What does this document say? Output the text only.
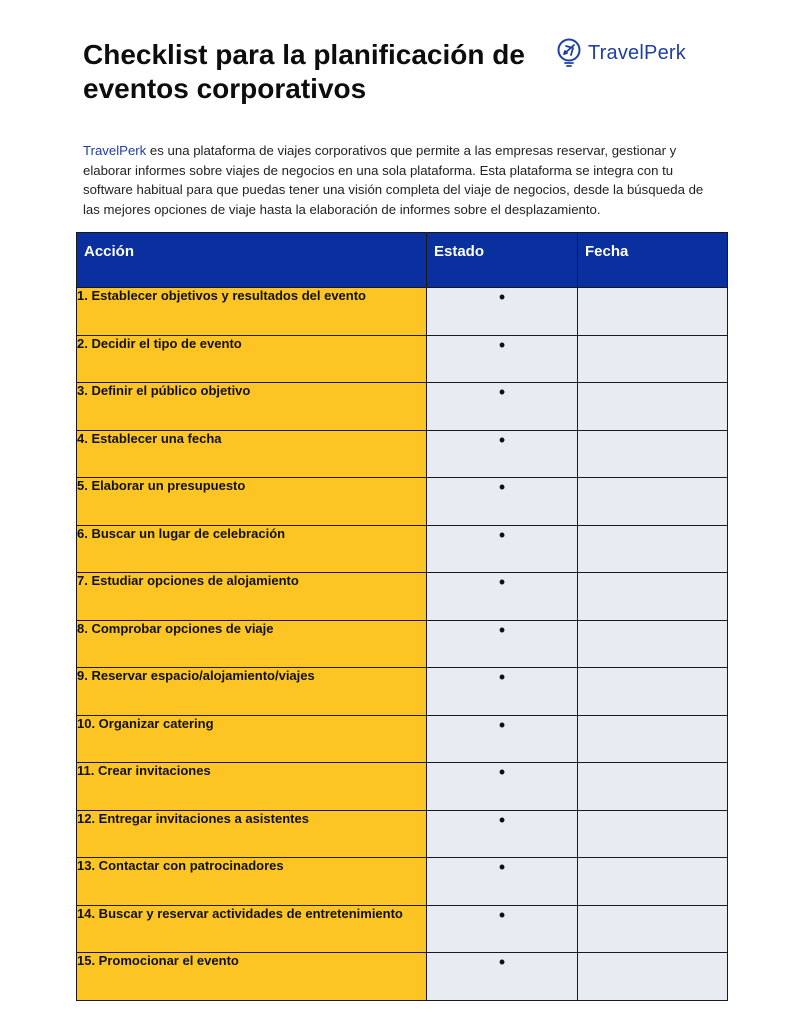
Checklist para la planificación de eventos corporativos
TravelPerk

TravelPerk es una plataforma de viajes corporativos que permite a las empresas reservar, gestionar y elaborar informes sobre viajes de negocios en una sola plataforma. Esta plataforma se integra con tu software habitual para que puedas tener una visión completa del viaje de negocios, desde la búsqueda de las mejores opciones de viaje hasta la elaboración de informes sobre el desplazamiento.

Acción	Estado	Fecha
1. Establecer objetivos y resultados del evento	•	
2. Decidir el tipo de evento	•	
3. Definir el público objetivo	•	
4. Establecer una fecha	•	
5. Elaborar un presupuesto	•	
6. Buscar un lugar de celebración	•	
7. Estudiar opciones de alojamiento	•	
8. Comprobar opciones de viaje	•	
9. Reservar espacio/alojamiento/viajes	•	
10. Organizar catering	•	
11. Crear invitaciones	•	
12. Entregar invitaciones a asistentes	•	
13. Contactar con patrocinadores	•	
14. Buscar y reservar actividades de entretenimiento	•	
15. Promocionar el evento	•	
